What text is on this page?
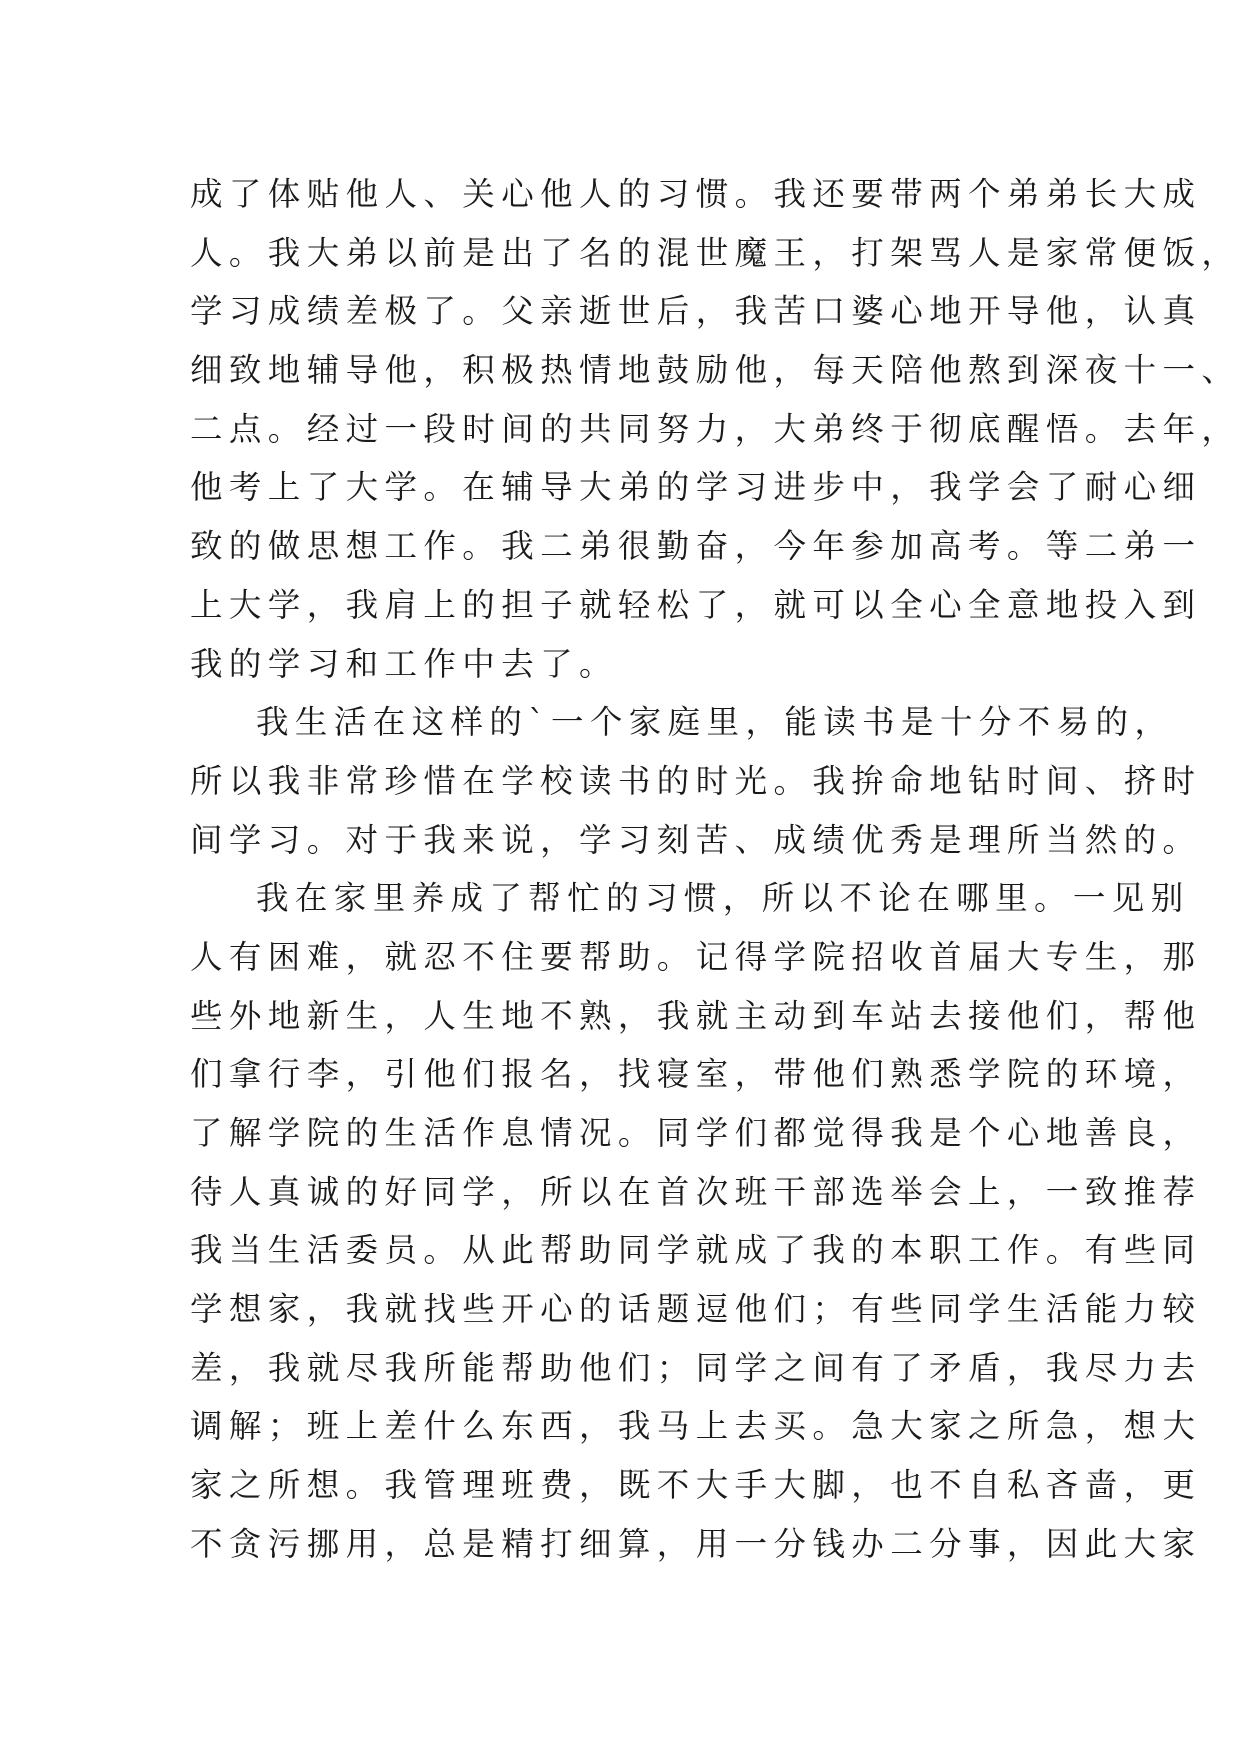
成了体贴他人、关心他人的习惯。我还要带两个弟弟长大成
人。我大弟以前是出了名的混世魔王，打架骂人是家常便饭，
学习成绩差极了。父亲逝世后，我苦口婆心地开导他，认真
细致地辅导他，积极热情地鼓励他，每天陪他熬到深夜十一、
二点。经过一段时间的共同努力，大弟终于彻底醒悟。去年，
他考上了大学。在辅导大弟的学习进步中，我学会了耐心细
致的做思想工作。我二弟很勤奋，今年参加高考。等二弟一
上大学，我肩上的担子就轻松了，就可以全心全意地投入到
我的学习和工作中去了。
我生活在这样的`一个家庭里，能读书是十分不易的，
所以我非常珍惜在学校读书的时光。我拚命地钻时间、挤时
间学习。对于我来说，学习刻苦、成绩优秀是理所当然的。
我在家里养成了帮忙的习惯，所以不论在哪里。一见别
人有困难，就忍不住要帮助。记得学院招收首届大专生，那
些外地新生，人生地不熟，我就主动到车站去接他们，帮他
们拿行李，引他们报名，找寝室，带他们熟悉学院的环境，
了解学院的生活作息情况。同学们都觉得我是个心地善良，
待人真诚的好同学，所以在首次班干部选举会上，一致推荐
我当生活委员。从此帮助同学就成了我的本职工作。有些同
学想家，我就找些开心的话题逗他们；有些同学生活能力较
差，我就尽我所能帮助他们；同学之间有了矛盾，我尽力去
调解；班上差什么东西，我马上去买。急大家之所急，想大
家之所想。我管理班费，既不大手大脚，也不自私吝啬，更
不贪污挪用，总是精打细算，用一分钱办二分事，因此大家
